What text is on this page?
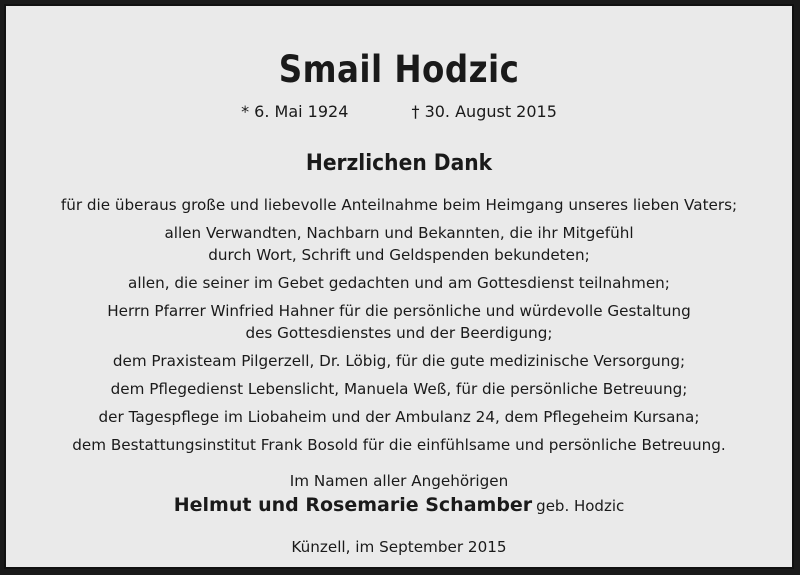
Smail Hodzic
* 6. Mai 1924	† 30. August 2015
Herzlichen Dank
für die überaus große und liebevolle Anteilnahme beim Heimgang unseres lieben Vaters;
allen Verwandten, Nachbarn und Bekannten, die ihr Mitgefühl
durch Wort, Schrift und Geldspenden bekundeten;
allen, die seiner im Gebet gedachten und am Gottesdienst teilnahmen;
Herrn Pfarrer Winfried Hahner für die persönliche und würdevolle Gestaltung
des Gottesdienstes und der Beerdigung;
dem Praxisteam Pilgerzell, Dr. Löbig, für die gute medizinische Versorgung;
dem Pflegedienst Lebenslicht, Manuela Weß, für die persönliche Betreuung;
der Tagespflege im Liobaheim und der Ambulanz 24, dem Pflegeheim Kursana;
dem Bestattungsinstitut Frank Bosold für die einfühlsame und persönliche Betreuung.
Im Namen aller Angehörigen
Helmut und Rosemarie Schamber geb. Hodzic
Künzell, im September 2015
